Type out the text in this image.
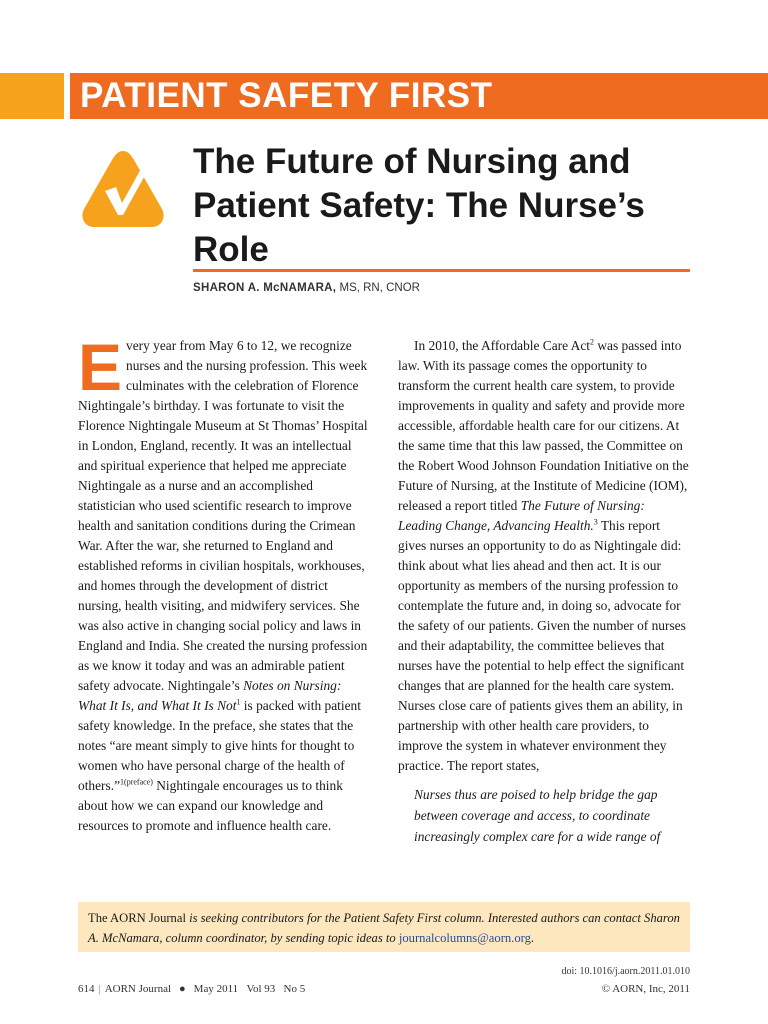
PATIENT SAFETY FIRST
The Future of Nursing and Patient Safety: The Nurse’s Role
SHARON A. McNAMARA, MS, RN, CNOR

Every year from May 6 to 12, we recognize nurses and the nursing profession. This week culminates with the celebration of Florence Nightingale’s birthday. I was fortunate to visit the Florence Nightingale Museum at St Thomas’ Hospital in London, England, recently. It was an intellectual and spiritual experience that helped me appreciate Nightingale as a nurse and an accomplished statistician who used scientific research to improve health and sanitation conditions during the Crimean War. After the war, she returned to England and established reforms in civilian hospitals, workhouses, and homes through the development of district nursing, health visiting, and midwifery services. She was also active in changing social policy and laws in England and India. She created the nursing profession as we know it today and was an admirable patient safety advocate. Nightingale’s Notes on Nursing: What It Is, and What It Is Not$^1$ is packed with patient safety knowledge. In the preface, she states that the notes “are meant simply to give hints for thought to women who have personal charge of the health of others.”$^{1(preface)}$ Nightingale encourages us to think about how we can expand our knowledge and resources to promote and influence health care.

In 2010, the Affordable Care Act$^2$ was passed into law. With its passage comes the opportunity to transform the current health care system, to provide improvements in quality and safety and provide more accessible, affordable health care for our citizens. At the same time that this law passed, the Committee on the Robert Wood Johnson Foundation Initiative on the Future of Nursing, at the Institute of Medicine (IOM), released a report titled The Future of Nursing: Leading Change, Advancing Health.$^3$ This report gives nurses an opportunity to do as Nightingale did: think about what lies ahead and then act. It is our opportunity as members of the nursing profession to contemplate the future and, in doing so, advocate for the safety of our patients. Given the number of nurses and their adaptability, the committee believes that nurses have the potential to help effect the significant changes that are planned for the health care system. Nurses close care of patients gives them an ability, in partnership with other health care providers, to improve the system in whatever environment they practice. The report states,

Nurses thus are poised to help bridge the gap between coverage and access, to coordinate increasingly complex care for a wide range of

The AORN Journal is seeking contributors for the Patient Safety First column. Interested authors can contact Sharon A. McNamara, column coordinator, by sending topic ideas to journalcolumns@aorn.org.
doi: 10.1016/j.aorn.2011.01.010
614 | AORN Journal ● May 2011 Vol 93 No 5	© AORN, Inc, 2011
